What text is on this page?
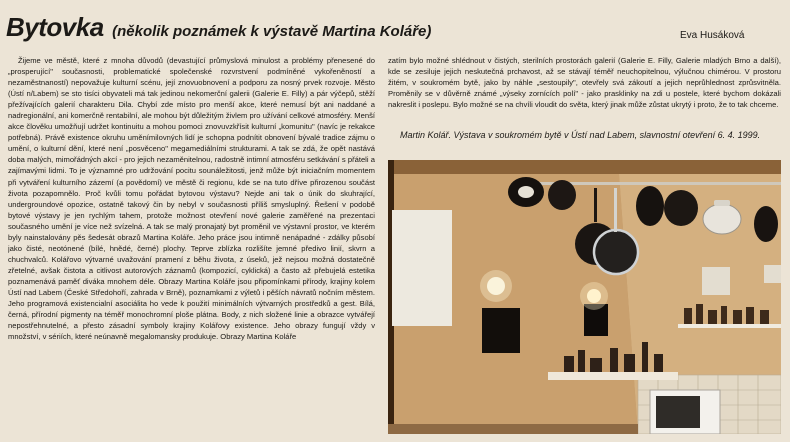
Bytovka (několik poznámek k výstavě Martina Koláře)	Eva Husáková

Žijeme ve městě, které z mnoha důvodů (devastující průmyslová minulost a problémy přenesené do „prosperující" současnosti, problematické společenské rozvrstvení podmíněné vykořeněností a nezaměstnaností) nepovažuje kulturní scénu, její znovuobnovení a podporu za nosný prvek rozvoje. Město (Ústí n/Labem) se sto tisíci obyvateli má tak jedinou nekomerční galerii (Galerie E. Filly) a pár výčepů, stěží přežívajících galerií charakteru Dila. Chybí zde místo pro menší akce, které nemusí být ani naddané a nadregionální, ani komerčně rentabilní, ale mohou být důležitým živlem pro užívání celkové atmosféry. Menší akce člověku umožňují udržet kontinuitu a mohou pomoci znovuvzkřísit kulturní „komunitu" (navíc je rekakce potřebná). Právě existence okruhu uměnímilovných lidí je schopna podnítit obnovení bývalé tradice zájmu o umění, o kulturní dění, které není „posvěceno" megamediálními strukturami. A tak se zdá, že opět nastává doba malých, mimořádných akcí - pro jejich nezaměnitelnou, radostně intimní atmosféru setkávání s přáteli a zajímavými lidmi. To je významné pro udržování pocitu sounáležitosti, jenž může být iniciačním momentem při vytváření kulturního zázemí (a povědomí) ve městě či regionu, kde se na tuto dříve přirozenou součást života pozapomnělo. Proč kvůli tomu pořádat bytovou výstavu? Nejde ani tak o únik do skuhrající, undergroundové opozice, ostatně takový čin by nebyl v současnosti příliš smysluplný. Řešení v podobě bytové výstavy je jen rychlým tahem, protože možnost otevření nové galerie zaměřené na prezentaci současného umění je více než svízelná. A tak se malý pronajatý byt proměnil ve výstavní prostor, ve kterém byly nainstalovány pěs šedesát obrazů Martina Koláře. Jeho práce jsou intimně nenápadné - zdálky působí jako čisté, neotónené (bílé, hnědé, černé) plochy. Teprve zblízka rozlišíte jemné předivo linií, skvrn a chuchvalců. Kolářovo výtvarné uvažování pramení z běhu života, z úseků, jež nejsou možná dostatečně zřetelné, avšak čistota a citlivost autorových záznamů (kompozicí, cyklická) a často až přebujelá estetika poznamenává paměť diváka mnohem déle. Obrazy Martina Koláře jsou připomínkami přírody, krajiny kolem Ústí nad Labem (České Středohoří, zahrada v Brně), poznamkami z výletů i pěších návratů nočním městem. Jeho programová existencialní asociálita ho vede k použití minimálních výtvarných prostředků a gest. Bílá, černá, přírodní pigmenty na téměř monochromní ploše plátna. Body, z nich složené linie a obrazce vytvářejí nepostřehnutelné, a přesto zásadní symboly krajiny Kolářovy existence. Jeho obrazy fungují vždy v množství, v sériích, které neúnavně megalomansky produkuje. Obrazy Martina Koláře

zatím bylo možné shlédnout v čistých, sterilních prostorách galerií (Galerie E. Filly, Galerie mladých Brno a další), kde se zesiluje jejich neskutečná prchavost, až se stávají téměř neuchopitelnou, výlučnou chimérou. V prostoru žitém, v soukromém bytě, jako by náhle „sestoupily", otevřely svá zákoutí a jejich neprůhlednost zprůsvitněla. Proměnily se v důvěrně známé „výseky zornících polí" - jako prasklinky na zdi u postele, které bychom dokázali nakreslit i poslepu. Bylo možné se na chvíli vloudit do světa, který jinak může zůstat ukrytý i proto, že to tak chceme.

Martin Kolář. Výstava v soukromém bytě v Ústí nad Labem, slavnostní otevření 6. 4. 1999.
